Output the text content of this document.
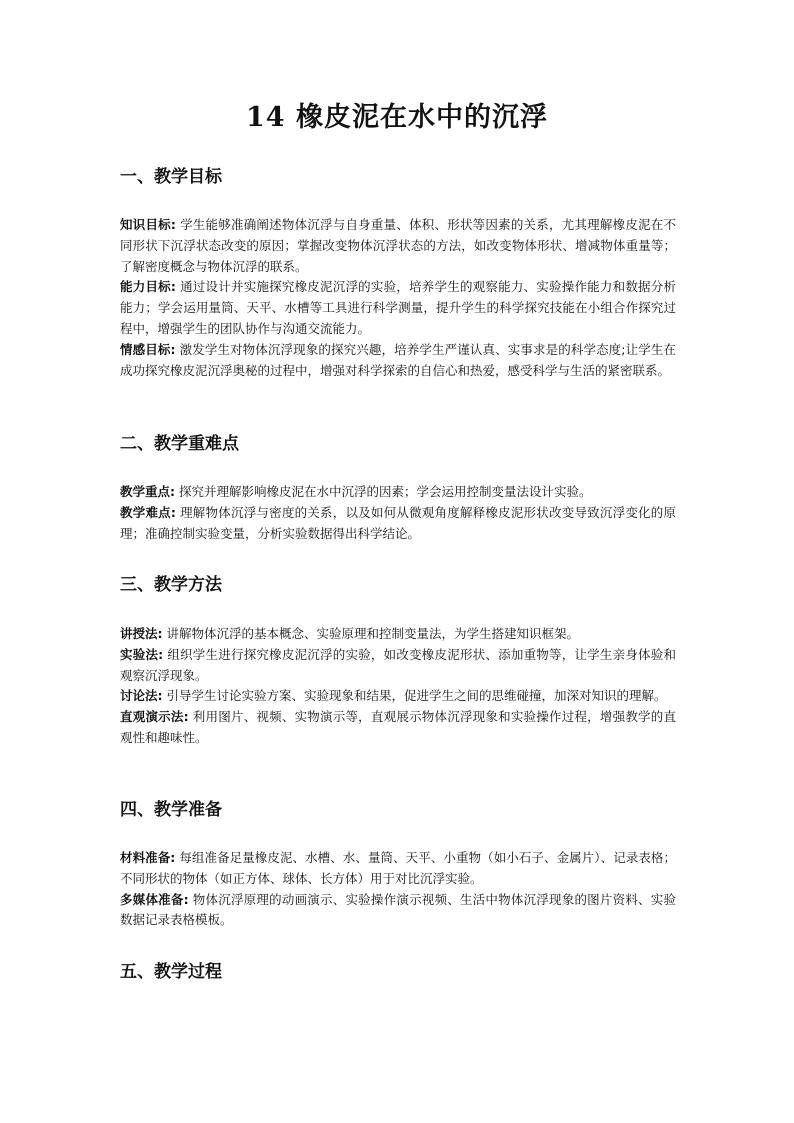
14 橡皮泥在水中的沉浮
一、教学目标

知识目标: 学生能够准确阐述物体沉浮与自身重量、体积、形状等因素的关系，尤其理解橡皮泥在不同形状下沉浮状态改变的原因；掌握改变物体沉浮状态的方法，如改变物体形状、增减物体重量等；了解密度概念与物体沉浮的联系。

能力目标: 通过设计并实施探究橡皮泥沉浮的实验，培养学生的观察能力、实验操作能力和数据分析能力；学会运用量筒、天平、水槽等工具进行科学测量，提升学生的科学探究技能在小组合作探究过程中，增强学生的团队协作与沟通交流能力。

情感目标: 激发学生对物体沉浮现象的探究兴趣，培养学生严谨认真、实事求是的科学态度;让学生在成功探究橡皮泥沉浮奥秘的过程中，增强对科学探索的自信心和热爱，感受科学与生活的紧密联系。

二、教学重难点

教学重点: 探究并理解影响橡皮泥在水中沉浮的因素；学会运用控制变量法设计实验。

教学难点: 理解物体沉浮与密度的关系，以及如何从微观角度解释橡皮泥形状改变导致沉浮变化的原理；准确控制实验变量，分析实验数据得出科学结论。

三、教学方法

讲授法: 讲解物体沉浮的基本概念、实验原理和控制变量法，为学生搭建知识框架。

实验法: 组织学生进行探究橡皮泥沉浮的实验，如改变橡皮泥形状、添加重物等，让学生亲身体验和观察沉浮现象。

讨论法: 引导学生讨论实验方案、实验现象和结果，促进学生之间的思维碰撞，加深对知识的理解。

直观演示法: 利用图片、视频、实物演示等，直观展示物体沉浮现象和实验操作过程，增强教学的直观性和趣味性。

四、教学准备

材料准备: 每组准备足量橡皮泥、水槽、水、量筒、天平、小重物（如小石子、金属片）、记录表格；不同形状的物体（如正方体、球体、长方体）用于对比沉浮实验。

多媒体准备: 物体沉浮原理的动画演示、实验操作演示视频、生活中物体沉浮现象的图片资料、实验数据记录表格模板。

五、教学过程
